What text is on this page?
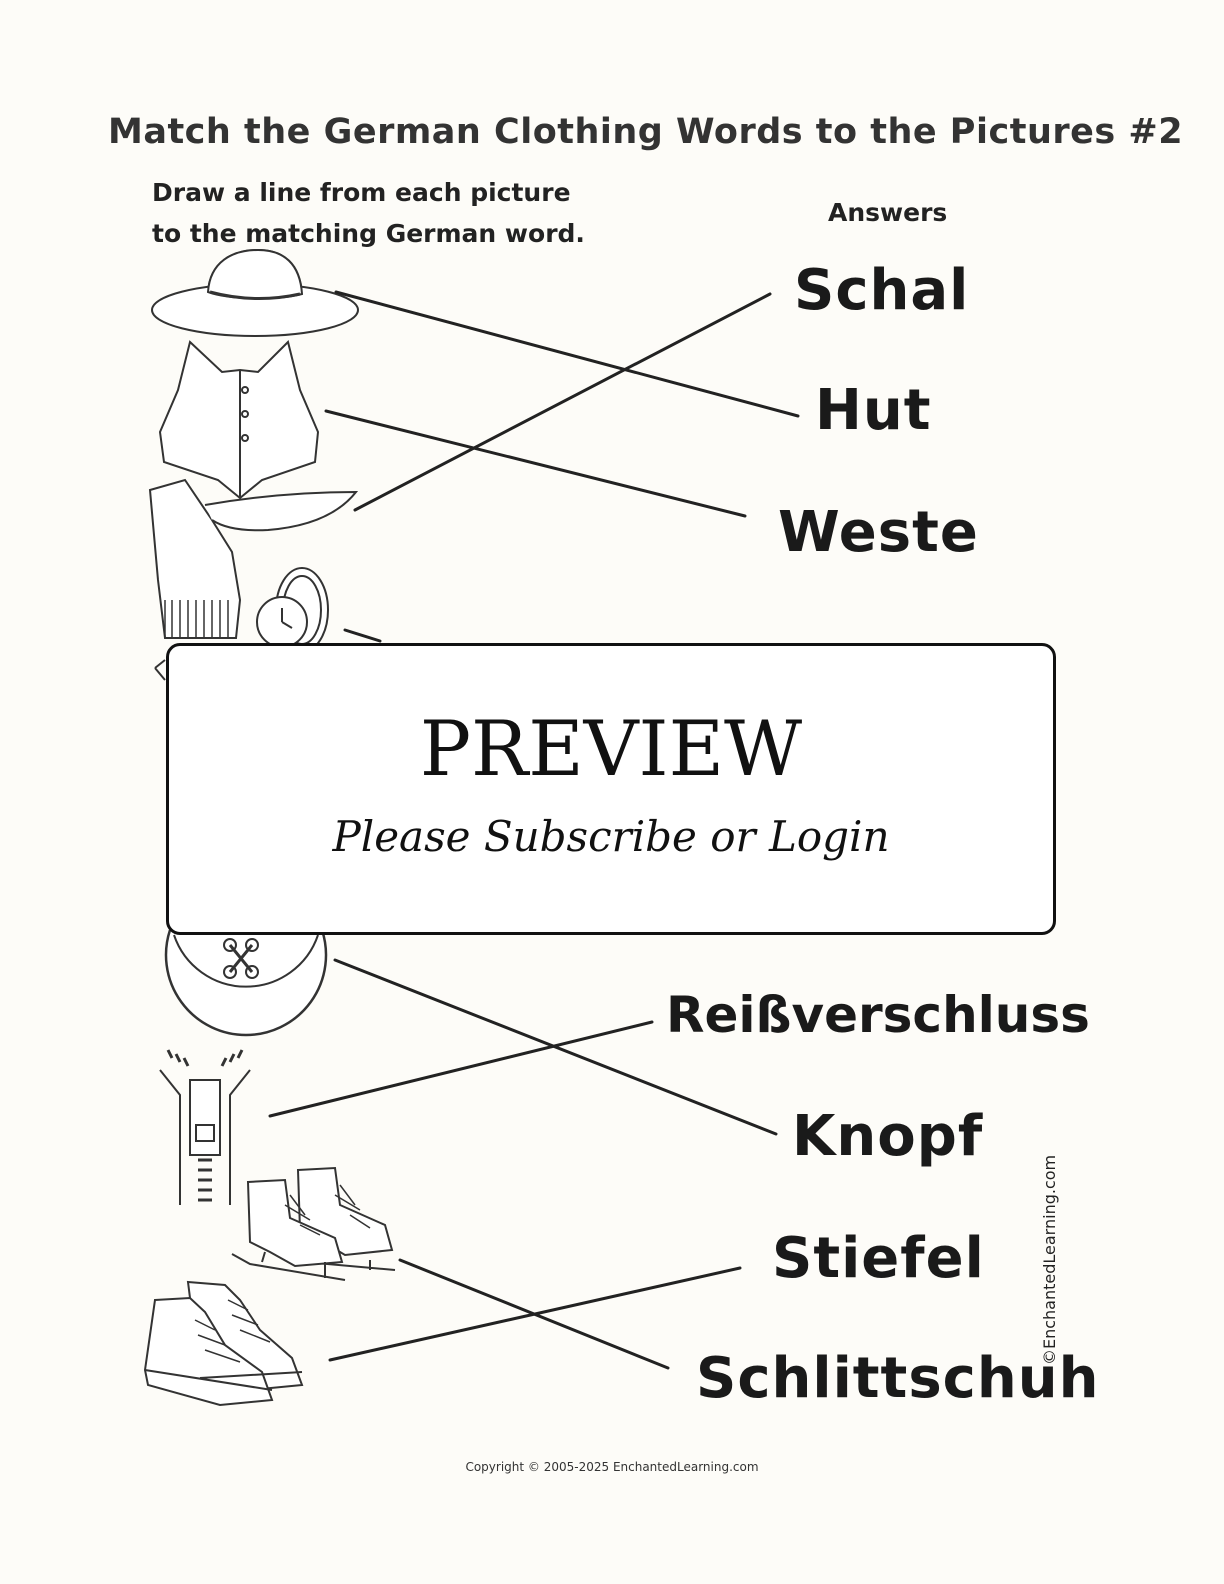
Match the German Clothing Words to the Pictures #2
Draw a line from each picture to the matching German word.
Answers
Schal
Hut
Weste
Reißverschluss
Knopf
Stiefel
Schlittschuh
©EnchantedLearning.com
Copyright © 2005-2025 EnchantedLearning.com
PREVIEW
Please Subscribe or Login
